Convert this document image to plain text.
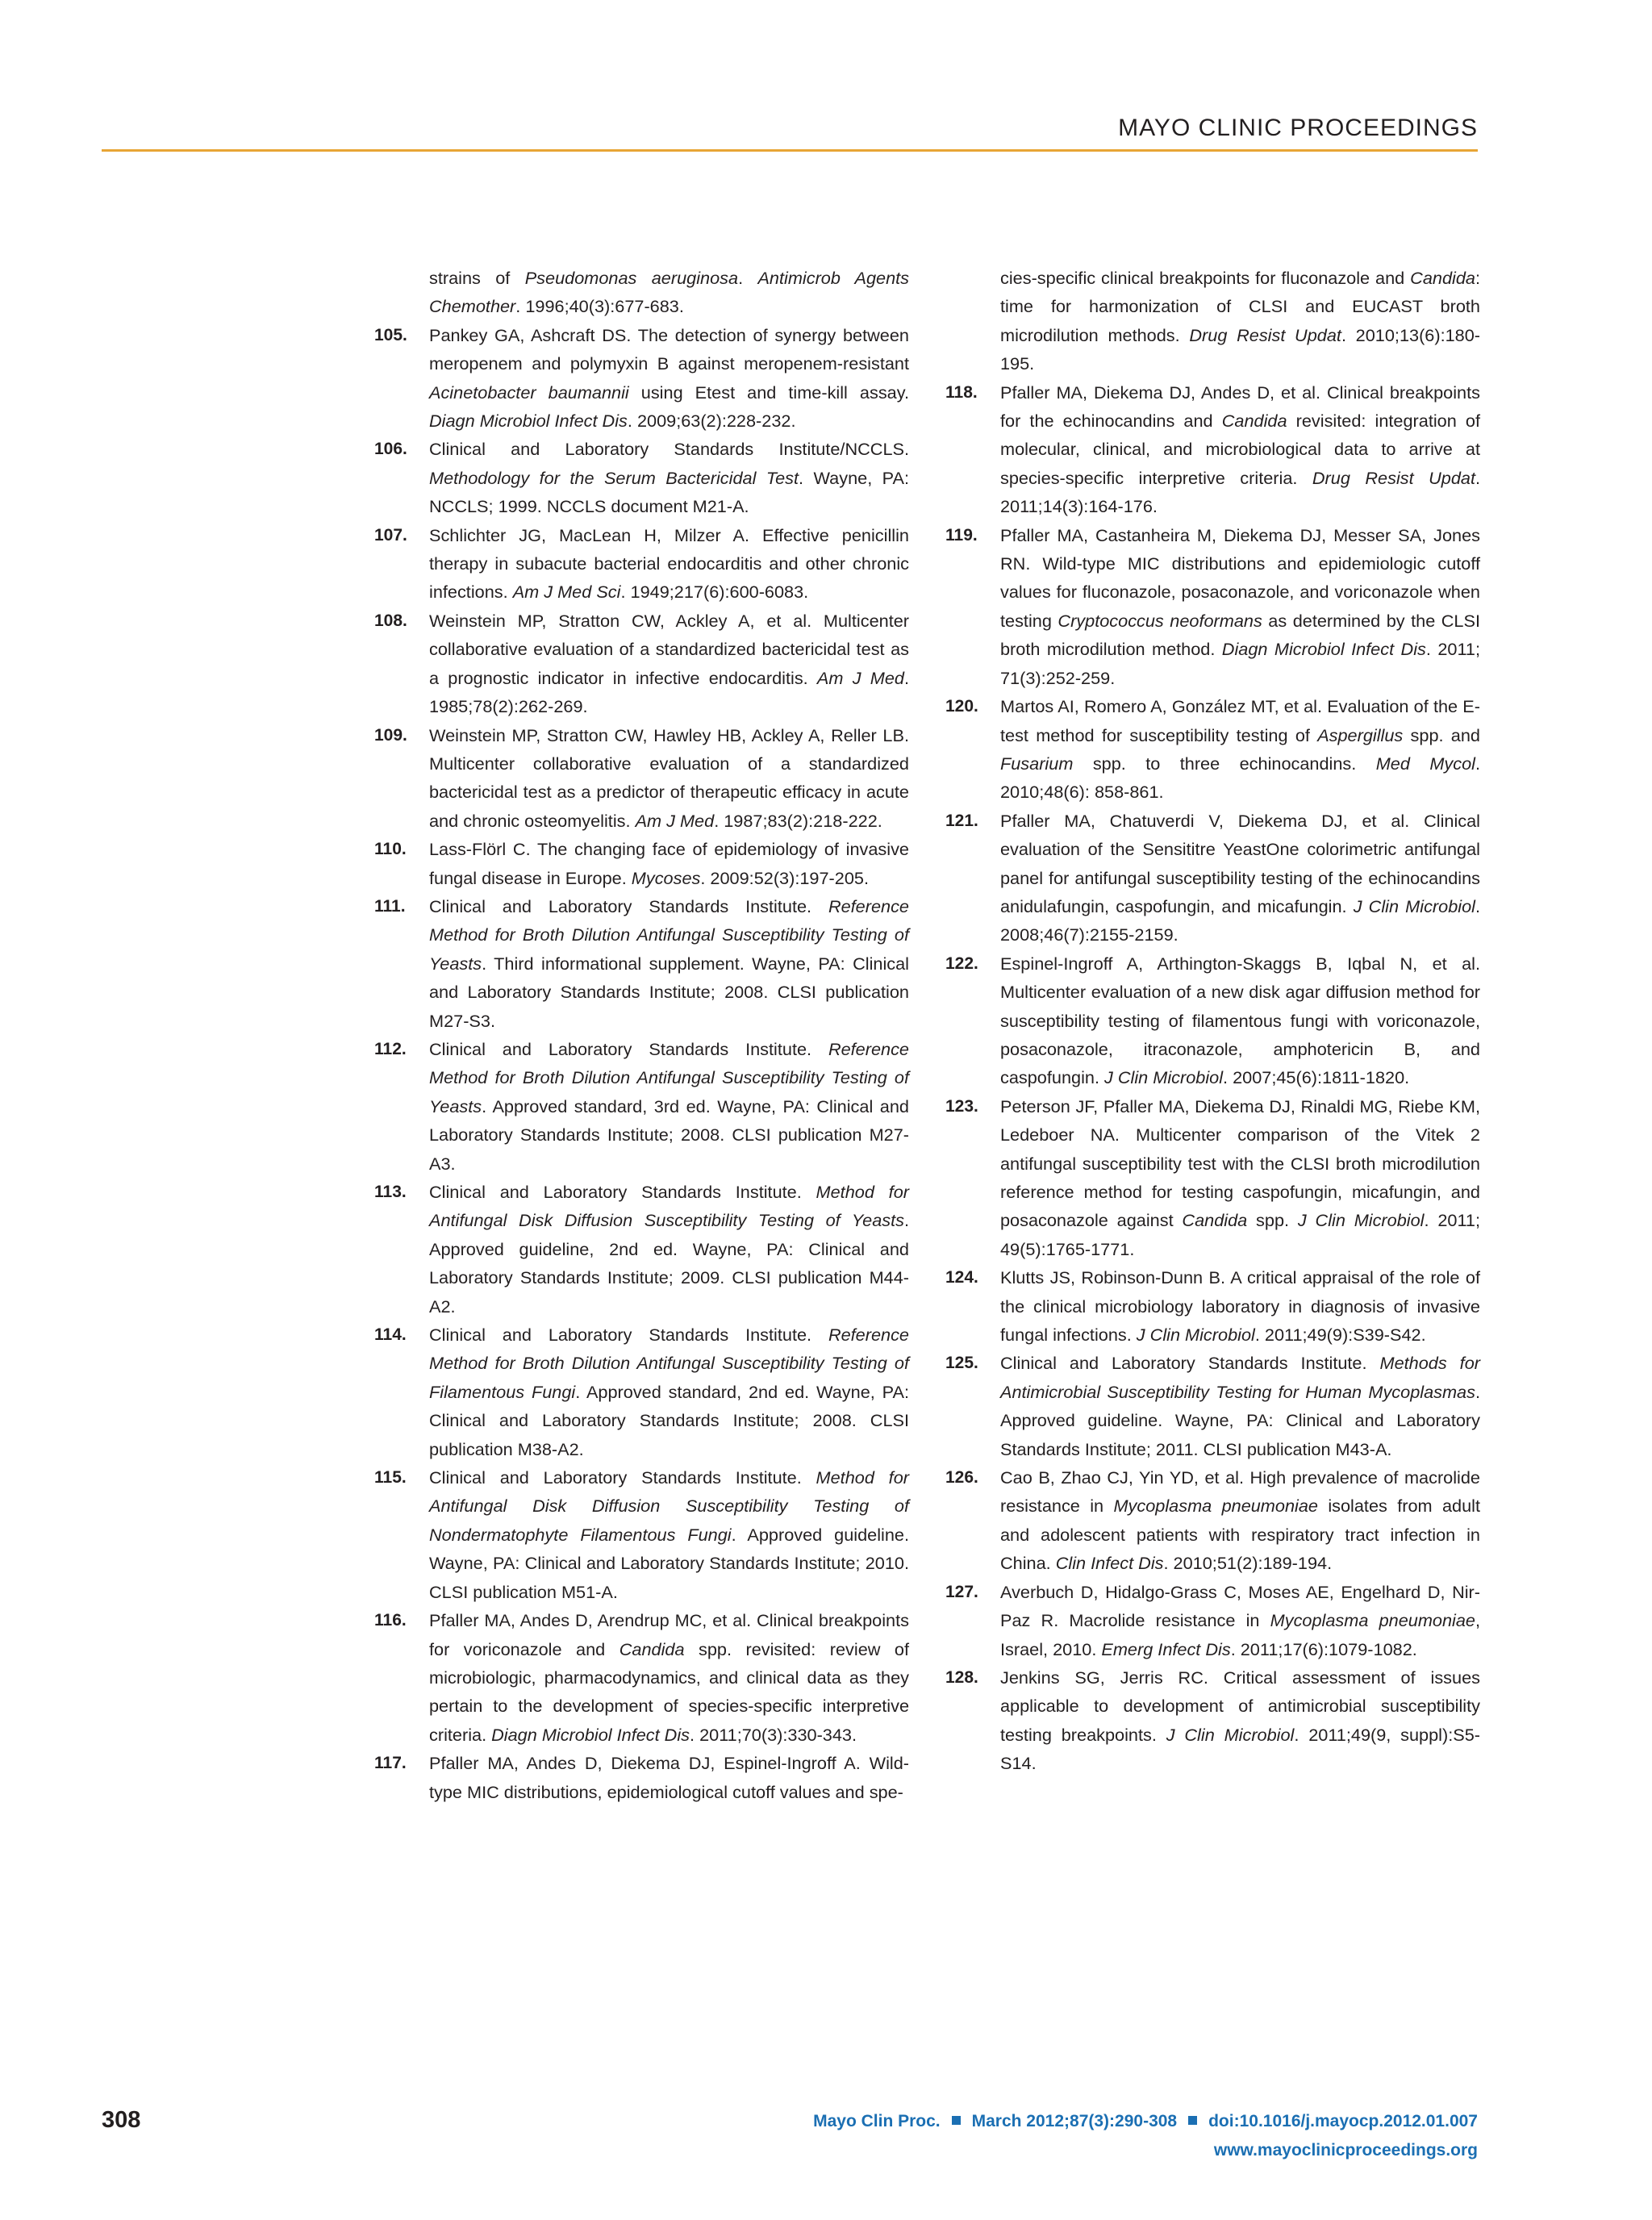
MAYO CLINIC PROCEEDINGS
strains of Pseudomonas aeruginosa. Antimicrob Agents Chemother. 1996;40(3):677-683.
105.	Pankey GA, Ashcraft DS. The detection of synergy between meropenem and polymyxin B against meropenem-resistant Acinetobacter baumannii using Etest and time-kill assay. Diagn Microbiol Infect Dis. 2009;63(2):228-232.
106.	Clinical and Laboratory Standards Institute/NCCLS. Methodology for the Serum Bactericidal Test. Wayne, PA: NCCLS; 1999. NCCLS document M21-A.
107.	Schlichter JG, MacLean H, Milzer A. Effective penicillin therapy in subacute bacterial endocarditis and other chronic infections. Am J Med Sci. 1949;217(6):600-6083.
108.	Weinstein MP, Stratton CW, Ackley A, et al. Multicenter collaborative evaluation of a standardized bactericidal test as a prognostic indicator in infective endocarditis. Am J Med. 1985;78(2):262-269.
109.	Weinstein MP, Stratton CW, Hawley HB, Ackley A, Reller LB. Multicenter collaborative evaluation of a standardized bactericidal test as a predictor of therapeutic efficacy in acute and chronic osteomyelitis. Am J Med. 1987;83(2):218-222.
110.	Lass-Flörl C. The changing face of epidemiology of invasive fungal disease in Europe. Mycoses. 2009:52(3):197-205.
111.	Clinical and Laboratory Standards Institute. Reference Method for Broth Dilution Antifungal Susceptibility Testing of Yeasts. Third informational supplement. Wayne, PA: Clinical and Laboratory Standards Institute; 2008. CLSI publication M27-S3.
112.	Clinical and Laboratory Standards Institute. Reference Method for Broth Dilution Antifungal Susceptibility Testing of Yeasts. Approved standard, 3rd ed. Wayne, PA: Clinical and Laboratory Standards Institute; 2008. CLSI publication M27-A3.
113.	Clinical and Laboratory Standards Institute. Method for Antifungal Disk Diffusion Susceptibility Testing of Yeasts. Approved guideline, 2nd ed. Wayne, PA: Clinical and Laboratory Standards Institute; 2009. CLSI publication M44-A2.
114.	Clinical and Laboratory Standards Institute. Reference Method for Broth Dilution Antifungal Susceptibility Testing of Filamentous Fungi. Approved standard, 2nd ed. Wayne, PA: Clinical and Laboratory Standards Institute; 2008. CLSI publication M38-A2.
115.	Clinical and Laboratory Standards Institute. Method for Antifungal Disk Diffusion Susceptibility Testing of Nondermatophyte Filamentous Fungi. Approved guideline. Wayne, PA: Clinical and Laboratory Standards Institute; 2010. CLSI publication M51-A.
116.	Pfaller MA, Andes D, Arendrup MC, et al. Clinical breakpoints for voriconazole and Candida spp. revisited: review of microbiologic, pharmacodynamics, and clinical data as they pertain to the development of species-specific interpretive criteria. Diagn Microbiol Infect Dis. 2011;70(3):330-343.
117.	Pfaller MA, Andes D, Diekema DJ, Espinel-Ingroff A. Wild-type MIC distributions, epidemiological cutoff values and spe-
cies-specific clinical breakpoints for fluconazole and Candida: time for harmonization of CLSI and EUCAST broth microdilution methods. Drug Resist Updat. 2010;13(6):180-195.
118.	Pfaller MA, Diekema DJ, Andes D, et al. Clinical breakpoints for the echinocandins and Candida revisited: integration of molecular, clinical, and microbiological data to arrive at species-specific interpretive criteria. Drug Resist Updat. 2011;14(3):164-176.
119.	Pfaller MA, Castanheira M, Diekema DJ, Messer SA, Jones RN. Wild-type MIC distributions and epidemiologic cutoff values for fluconazole, posaconazole, and voriconazole when testing Cryptococcus neoformans as determined by the CLSI broth microdilution method. Diagn Microbiol Infect Dis. 2011; 71(3):252-259.
120.	Martos AI, Romero A, González MT, et al. Evaluation of the E-test method for susceptibility testing of Aspergillus spp. and Fusarium spp. to three echinocandins. Med Mycol. 2010;48(6): 858-861.
121.	Pfaller MA, Chatuverdi V, Diekema DJ, et al. Clinical evaluation of the Sensititre YeastOne colorimetric antifungal panel for antifungal susceptibility testing of the echinocandins anidulafungin, caspofungin, and micafungin. J Clin Microbiol. 2008;46(7):2155-2159.
122.	Espinel-Ingroff A, Arthington-Skaggs B, Iqbal N, et al. Multicenter evaluation of a new disk agar diffusion method for susceptibility testing of filamentous fungi with voriconazole, posaconazole, itraconazole, amphotericin B, and caspofungin. J Clin Microbiol. 2007;45(6):1811-1820.
123.	Peterson JF, Pfaller MA, Diekema DJ, Rinaldi MG, Riebe KM, Ledeboer NA. Multicenter comparison of the Vitek 2 antifungal susceptibility test with the CLSI broth microdilution reference method for testing caspofungin, micafungin, and posaconazole against Candida spp. J Clin Microbiol. 2011; 49(5):1765-1771.
124.	Klutts JS, Robinson-Dunn B. A critical appraisal of the role of the clinical microbiology laboratory in diagnosis of invasive fungal infections. J Clin Microbiol. 2011;49(9):S39-S42.
125.	Clinical and Laboratory Standards Institute. Methods for Antimicrobial Susceptibility Testing for Human Mycoplasmas. Approved guideline. Wayne, PA: Clinical and Laboratory Standards Institute; 2011. CLSI publication M43-A.
126.	Cao B, Zhao CJ, Yin YD, et al. High prevalence of macrolide resistance in Mycoplasma pneumoniae isolates from adult and adolescent patients with respiratory tract infection in China. Clin Infect Dis. 2010;51(2):189-194.
127.	Averbuch D, Hidalgo-Grass C, Moses AE, Engelhard D, Nir-Paz R. Macrolide resistance in Mycoplasma pneumoniae, Israel, 2010. Emerg Infect Dis. 2011;17(6):1079-1082.
128.	Jenkins SG, Jerris RC. Critical assessment of issues applicable to development of antimicrobial susceptibility testing breakpoints. J Clin Microbiol. 2011;49(9, suppl):S5-S14.
308	Mayo Clin Proc. March 2012;87(3):290-308 doi:10.1016/j.mayocp.2012.01.007
www.mayoclinicproceedings.org
